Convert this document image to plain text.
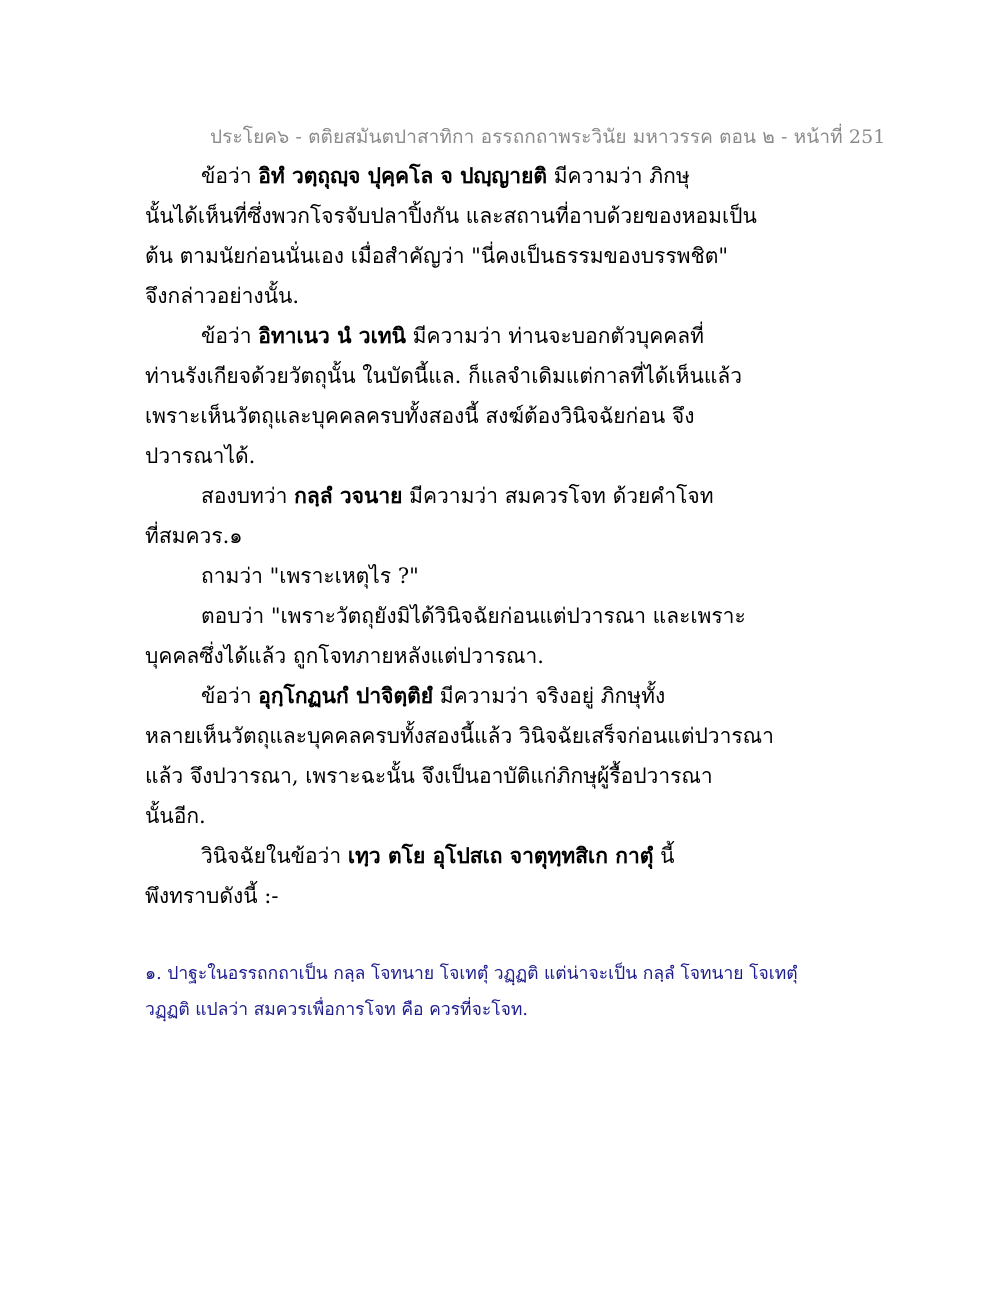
ประโยค๖ - ตติยสมันตปาสาทิกา อรรถกถาพระวินัย มหาวรรค ตอน ๒ - หน้าที่ 251
ข้อว่า อิทํ วตฺถุญฺจ ปุคฺคโล จ ปญฺญายติ มีความว่า ภิกษุ
นั้นได้เห็นที่ซึ่งพวกโจรจับปลาปิ้งกัน และสถานที่อาบด้วยของหอมเป็น
ต้น ตามนัยก่อนนั่นเอง เมื่อสำคัญว่า "นี่คงเป็นธรรมของบรรพชิต"
จึงกล่าวอย่างนั้น.
ข้อว่า อิทาเนว นํ วเทนิ มีความว่า ท่านจะบอกตัวบุคคลที่
ท่านรังเกียจด้วยวัตถุนั้น ในบัดนี้แล. ก็แลจำเดิมแต่กาลที่ได้เห็นแล้ว
เพราะเห็นวัตถุและบุคคลครบทั้งสองนี้ สงฆ์ต้องวินิจฉัยก่อน จึง
ปวารณาได้.
สองบทว่า กลฺลํ วจนาย มีความว่า สมควรโจท ด้วยคำโจท
ที่สมควร.๑
ถามว่า "เพราะเหตุไร ?"
ตอบว่า "เพราะวัตถุยังมิได้วินิจฉัยก่อนแต่ปวารณา และเพราะ
บุคคลซึ่งได้แล้ว ถูกโจทภายหลังแต่ปวารณา.
ข้อว่า อุกฺโกฏนกํ ปาจิตฺติยํ มีความว่า จริงอยู่ ภิกษุทั้ง
หลายเห็นวัตถุและบุคคลครบทั้งสองนี้แล้ว วินิจฉัยเสร็จก่อนแต่ปวารณา
แล้ว จึงปวารณา, เพราะฉะนั้น จึงเป็นอาบัติแก่ภิกษุผู้รื้อปวารณา
นั้นอีก.
วินิจฉัยในข้อว่า เทฺว ตโย อุโปสเถ จาตุทฺทสิเก กาตุํ นี้
พึงทราบดังนี้ :-
๑. ปาฐะในอรรถกถาเป็น กลฺล โจทนาย โจเทตุํ วฏฺฏติ แต่น่าจะเป็น กลฺลํ โจทนาย โจเทตุํ
วฏฺฏติ แปลว่า สมควรเพื่อการโจท คือ ควรที่จะโจท.
